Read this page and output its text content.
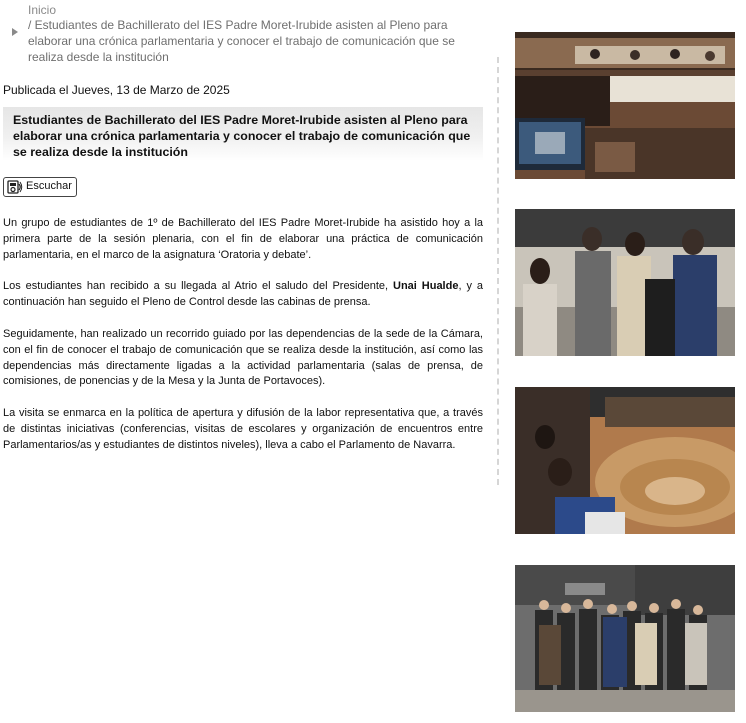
Inicio
/ Estudiantes de Bachillerato del IES Padre Moret-Irubide asisten al Pleno para elaborar una crónica parlamentaria y conocer el trabajo de comunicación que se realiza desde la institución
Publicada el Jueves, 13 de Marzo de 2025
Estudiantes de Bachillerato del IES Padre Moret-Irubide asisten al Pleno para elaborar una crónica parlamentaria y conocer el trabajo de comunicación que se realiza desde la institución
Escuchar

Un grupo de estudiantes de 1º de Bachillerato del IES Padre Moret-Irubide ha asistido hoy a la primera parte de la sesión plenaria, con el fin de elaborar una práctica de comunicación parlamentaria, en el marco de la asignatura ‘Oratoria y debate’.

Los estudiantes han recibido a su llegada al Atrio el saludo del Presidente, Unai Hualde, y a continuación han seguido el Pleno de Control desde las cabinas de prensa.

Seguidamente, han realizado un recorrido guiado por las dependencias de la sede de la Cámara, con el fin de conocer el trabajo de comunicación que se realiza desde la institución, así como las dependencias más directamente ligadas a la actividad parlamentaria (salas de prensa, de comisiones, de ponencias y de la Mesa y la Junta de Portavoces).

La visita se enmarca en la política de apertura y difusión de la labor representativa que, a través de distintas iniciativas (conferencias, visitas de escolares y organización de encuentros entre Parlamentarios/as y estudiantes de distintos niveles), lleva a cabo el Parlamento de Navarra.
